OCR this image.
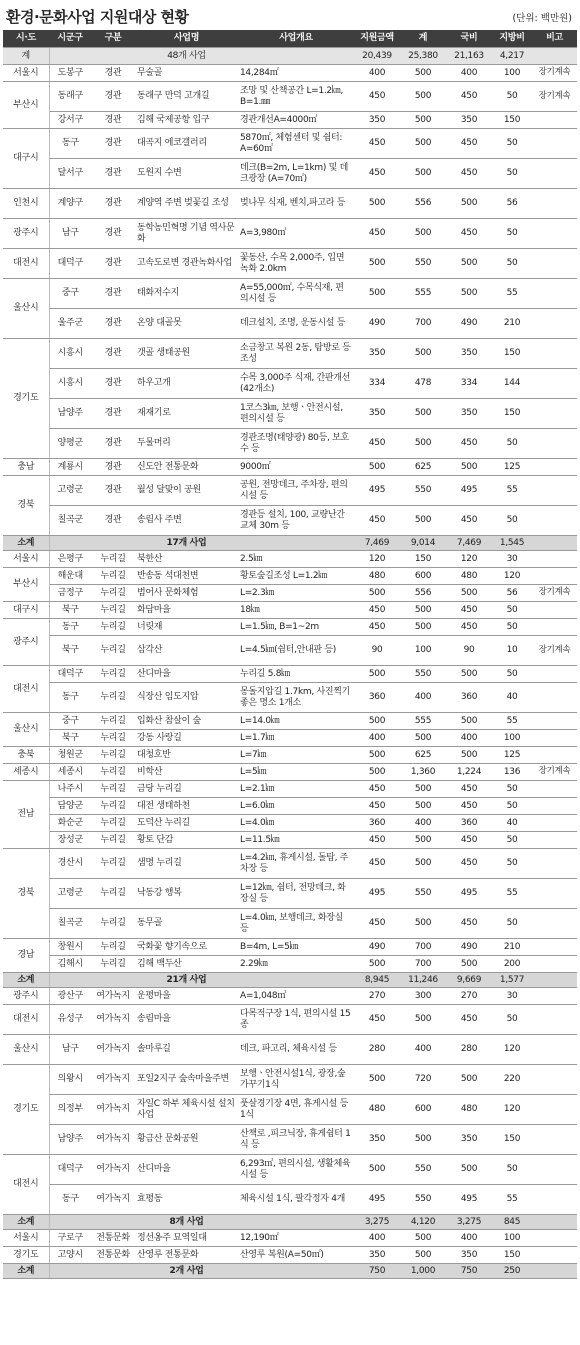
환경·문화사업 지원대상 현황	(단위: 백만원)
시·도	시군구	구분	사업명	사업개요	지원금액	계	국비	지방비	비고
계			48개 사업		20,439	25,380	21,163	4,217	
서울시	도봉구	경관	무술골	14,284㎡	400	500	400	100	장기계속
부산시	동래구	경관	동래구 만덕 고개길	조망 및 산책공간 L=1.2㎞, B=1.㎜	450	500	450	50	장기계속
	강서구	경관	김해 국제공항 입구	경관개선A=4000㎡	350	500	350	150	
대구시	동구	경관	대곡지 에코갤러리	5870㎡, 체험센터 및 쉼터: A=60㎡	450	500	450	50	
	달서구	경관	도원지 수변	데크(B=2m, L=1km) 및 데크광장 (A=70㎡)	450	500	450	50	
인천시	계양구	경관	계양역 주변 벚꽃길 조성	벚나무 식재, 벤치,파고라 등	500	556	500	56	
광주시	남구	경관	동학농민혁명 기념 역사문화	A=3,980㎡	450	500	450	50	
대전시	대덕구	경관	고속도로변 경관녹화사업	꽃동산, 수목 2,000주, 입면녹화 2.0km	500	550	500	50	
울산시	중구	경관	태화저수지	A=55,000㎡, 수목식재, 편의시설 등	500	555	500	55	
	울주군	경관	온양 대골못	데크설치, 조명, 운동시설 등	490	700	490	210	
경기도	시흥시	경관	갯골 생태공원	소금창고 복원 2동, 탐방로 등 조성	350	500	350	150	
	시흥시	경관	하우고개	수목 3,000주 식재, 간판개선(42개소)	334	478	334	144	
	남양주	경관	재재기로	1코스3㎞, 보행ㆍ안전시설, 편의시설 등	350	500	350	150	
	양평군	경관	두물머리	경관조명(태양광) 80등, 보호수 등	450	500	450	50	
충남	계룡시	경관	신도안 전통문화	9000㎡	500	625	500	125	
경북	고령군	경관	월성 달맞이 공원	공원, 전망데크, 주차장, 편의시설 등	495	550	495	55	
	칠곡군	경관	송림사 주변	경관등 설치, 100, 교량난간교체 30m 등	450	500	450	50	
소계			17개 사업		7,469	9,014	7,469	1,545	
서울시	은평구	누리길	북한산	2.5㎞	120	150	120	30	
부산시	해운대	누리길	반송동 석대천변	황토숲길조성 L=1.2㎞	480	600	480	120	
	금정구	누리길	범어사 문화체험	L=2.3㎞	500	556	500	56	장기계속
대구시	북구	누리길	화담마을	18㎞	450	500	450	50	
광주시	동구	누리길	너릿재	L=1.5㎞, B=1~2m	450	500	450	50	
	북구	누리길	삼각산	L=4.5㎞(쉼터,안내판 등)	90	100	90	10	장기계속
대전시	대덕구	누리길	산디마을	누리길 5.8㎞	500	550	500	50	
	동구	누리길	식장산 임도지압	몽돌지압길 1.7km, 사진찍기 좋은 명소 1개소	360	400	360	40	
울산시	중구	누리길	입화산 참살이 숲	L=14.0㎞	500	555	500	55	
	북구	누리길	강동 사랑길	L=1.7㎞	400	500	400	100	
충북	청원군	누리길	대청호반	L=7㎞	500	625	500	125	
세종시	세종시	누리길	비학산	L=5㎞	500	1,360	1,224	136	장기계속
전남	나주시	누리길	금당 누리길	L=2.1㎞	450	500	450	50	
	담양군	누리길	대전 생태하천	L=6.0㎞	450	500	450	50	
	화순군	누리길	도덕산 누리길	L=4.0㎞	360	400	360	40	
	장성군	누리길	황토 단감	L=11.5㎞	450	500	450	50	
경북	경산시	누리길	샘명 누리길	L=4.2㎞, 휴게시설, 돌탑, 주차장 등	450	500	450	50	
	고령군	누리길	낙동강 행복	L=12㎞, 쉼터, 전망데크, 화장실 등	495	550	495	55	
	칠곡군	누리길	동무골	L=4.0㎞, 보행데크, 화장실 등	450	500	450	50	
경남	창원시	누리길	국화꽃 향기속으로	B=4m, L=5㎞	490	700	490	210	
	김해시	누리길	김해 백두산	2.29㎞	500	700	500	200	
소계			21개 사업		8,945	11,246	9,669	1,577	
광주시	광산구	여가녹지	운평마을	A=1,048㎡	270	300	270	30	
대전시	유성구	여가녹지	송림마을	다목적구장 1식, 편의시설 15종	450	500	450	50	
울산시	남구	여가녹지	솔마루길	데크, 파고리, 체육시설 등	280	400	280	120	
경기도	의왕시	여가녹지	포일2지구 숲속마을주변	보행ㆍ안전시설1식, 광장,숲가꾸기1식	500	720	500	220	
	의정부	여가녹지	자일C 하부 체육시설 설치사업	풋살경기장 4면, 휴게시설 등 1식	480	600	480	120	
	남양주	여가녹지	황금산 문화공원	산책로 ,피크닉장, 휴게쉼터 1식 등	350	500	350	150	
대전시	대덕구	여가녹지	산디마을	6,293㎡, 편의시설, 생활체육시설 등	500	550	500	50	
	동구	여가녹지	효평동	체육시설 1식, 팔각정자 4개	495	550	495	55	
소계			8개 사업		3,275	4,120	3,275	845	
서울시	구로구	전통문화	정선옹주 묘역일대	12,190㎡	400	500	400	100	
경기도	고양시	전통문화	산영루 전통문화	산영루 복원(A=50㎡)	350	500	350	150	
소계			2개 사업		750	1,000	750	250	
